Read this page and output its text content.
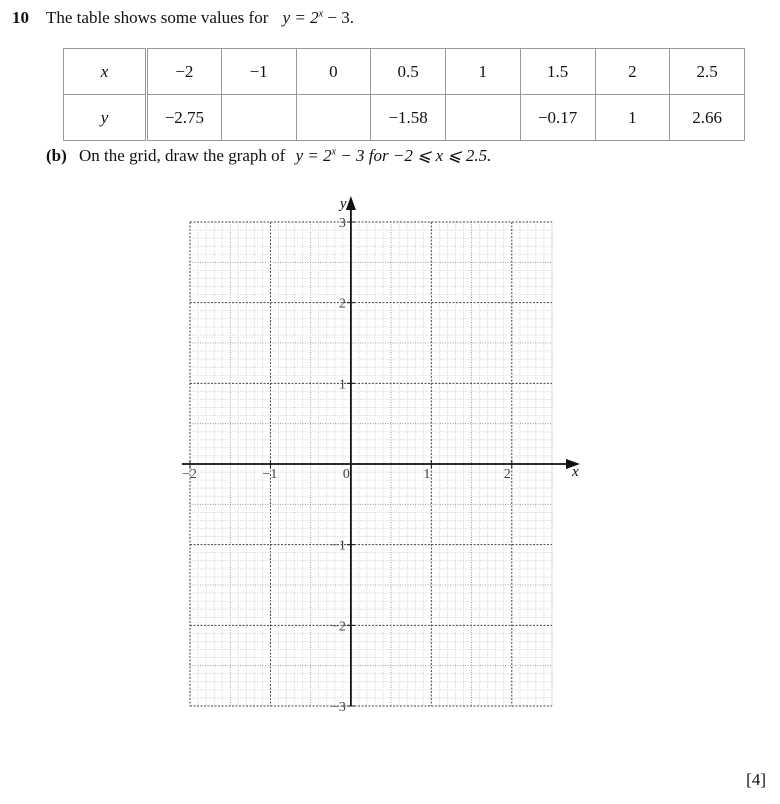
10 The table shows some values for $y = 2^x - 3$.
x	−2	−1	0	0.5	1	1.5	2	2.5
y	−2.75			−1.58		−0.17	1	2.66
(b) On the grid, draw the graph of $y = 2^x - 3$ for −2 ⩽ x ⩽ 2.5.
x
y
−2	−1	0	1	2
3
2
1
−1
−2
−3
[4]
